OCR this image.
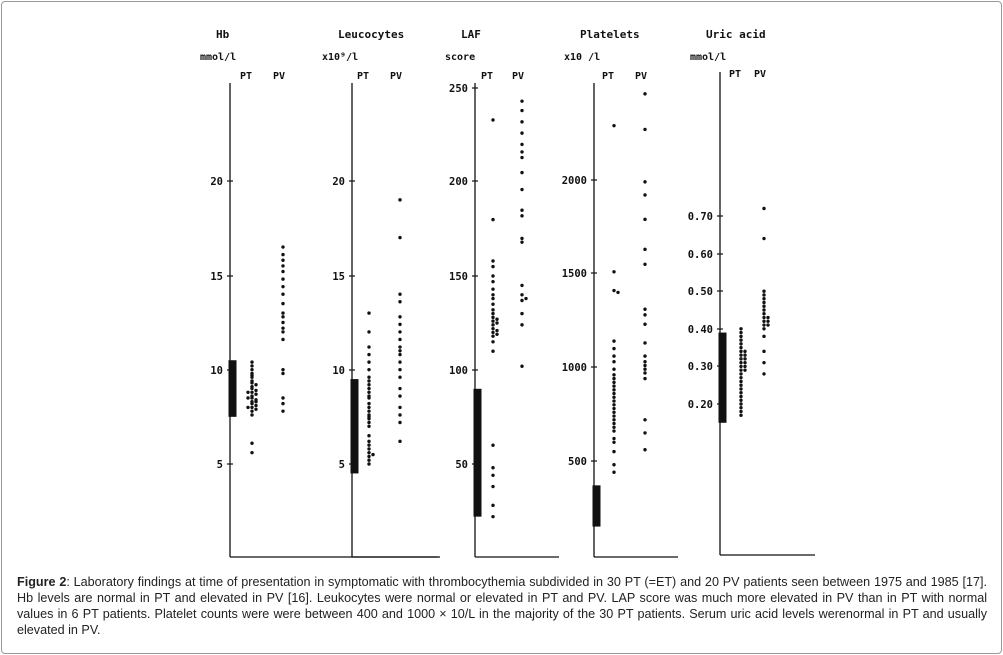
Hb
mmol/l
PT PV
5
10
15
20
Leucocytes
x10⁹/l
PT PV
5
10
15
20
LAF
score
PT PV
50
100
150
200
250
Platelets
x10 /l
PT PV
500
1000
1500
2000
Uric acid
mmol/l
PT PV
0.20
0.30
0.40
0.50
0.60
0.70
Figure 2: Laboratory findings at time of presentation in symptomatic with thrombocythemia subdivided in 30 PT (=ET) and 20 PV patients seen between 1975 and 1985 [17]. Hb levels are normal in PT and elevated in PV [16]. Leukocytes were normal or elevated in PT and PV. LAP score was much more elevated in PV than in PT with normal values in 6 PT patients. Platelet counts were were between 400 and 1000 × 10/L in the majority of the 30 PT patients. Serum uric acid levels werenormal in PT and usually elevated in PV.
